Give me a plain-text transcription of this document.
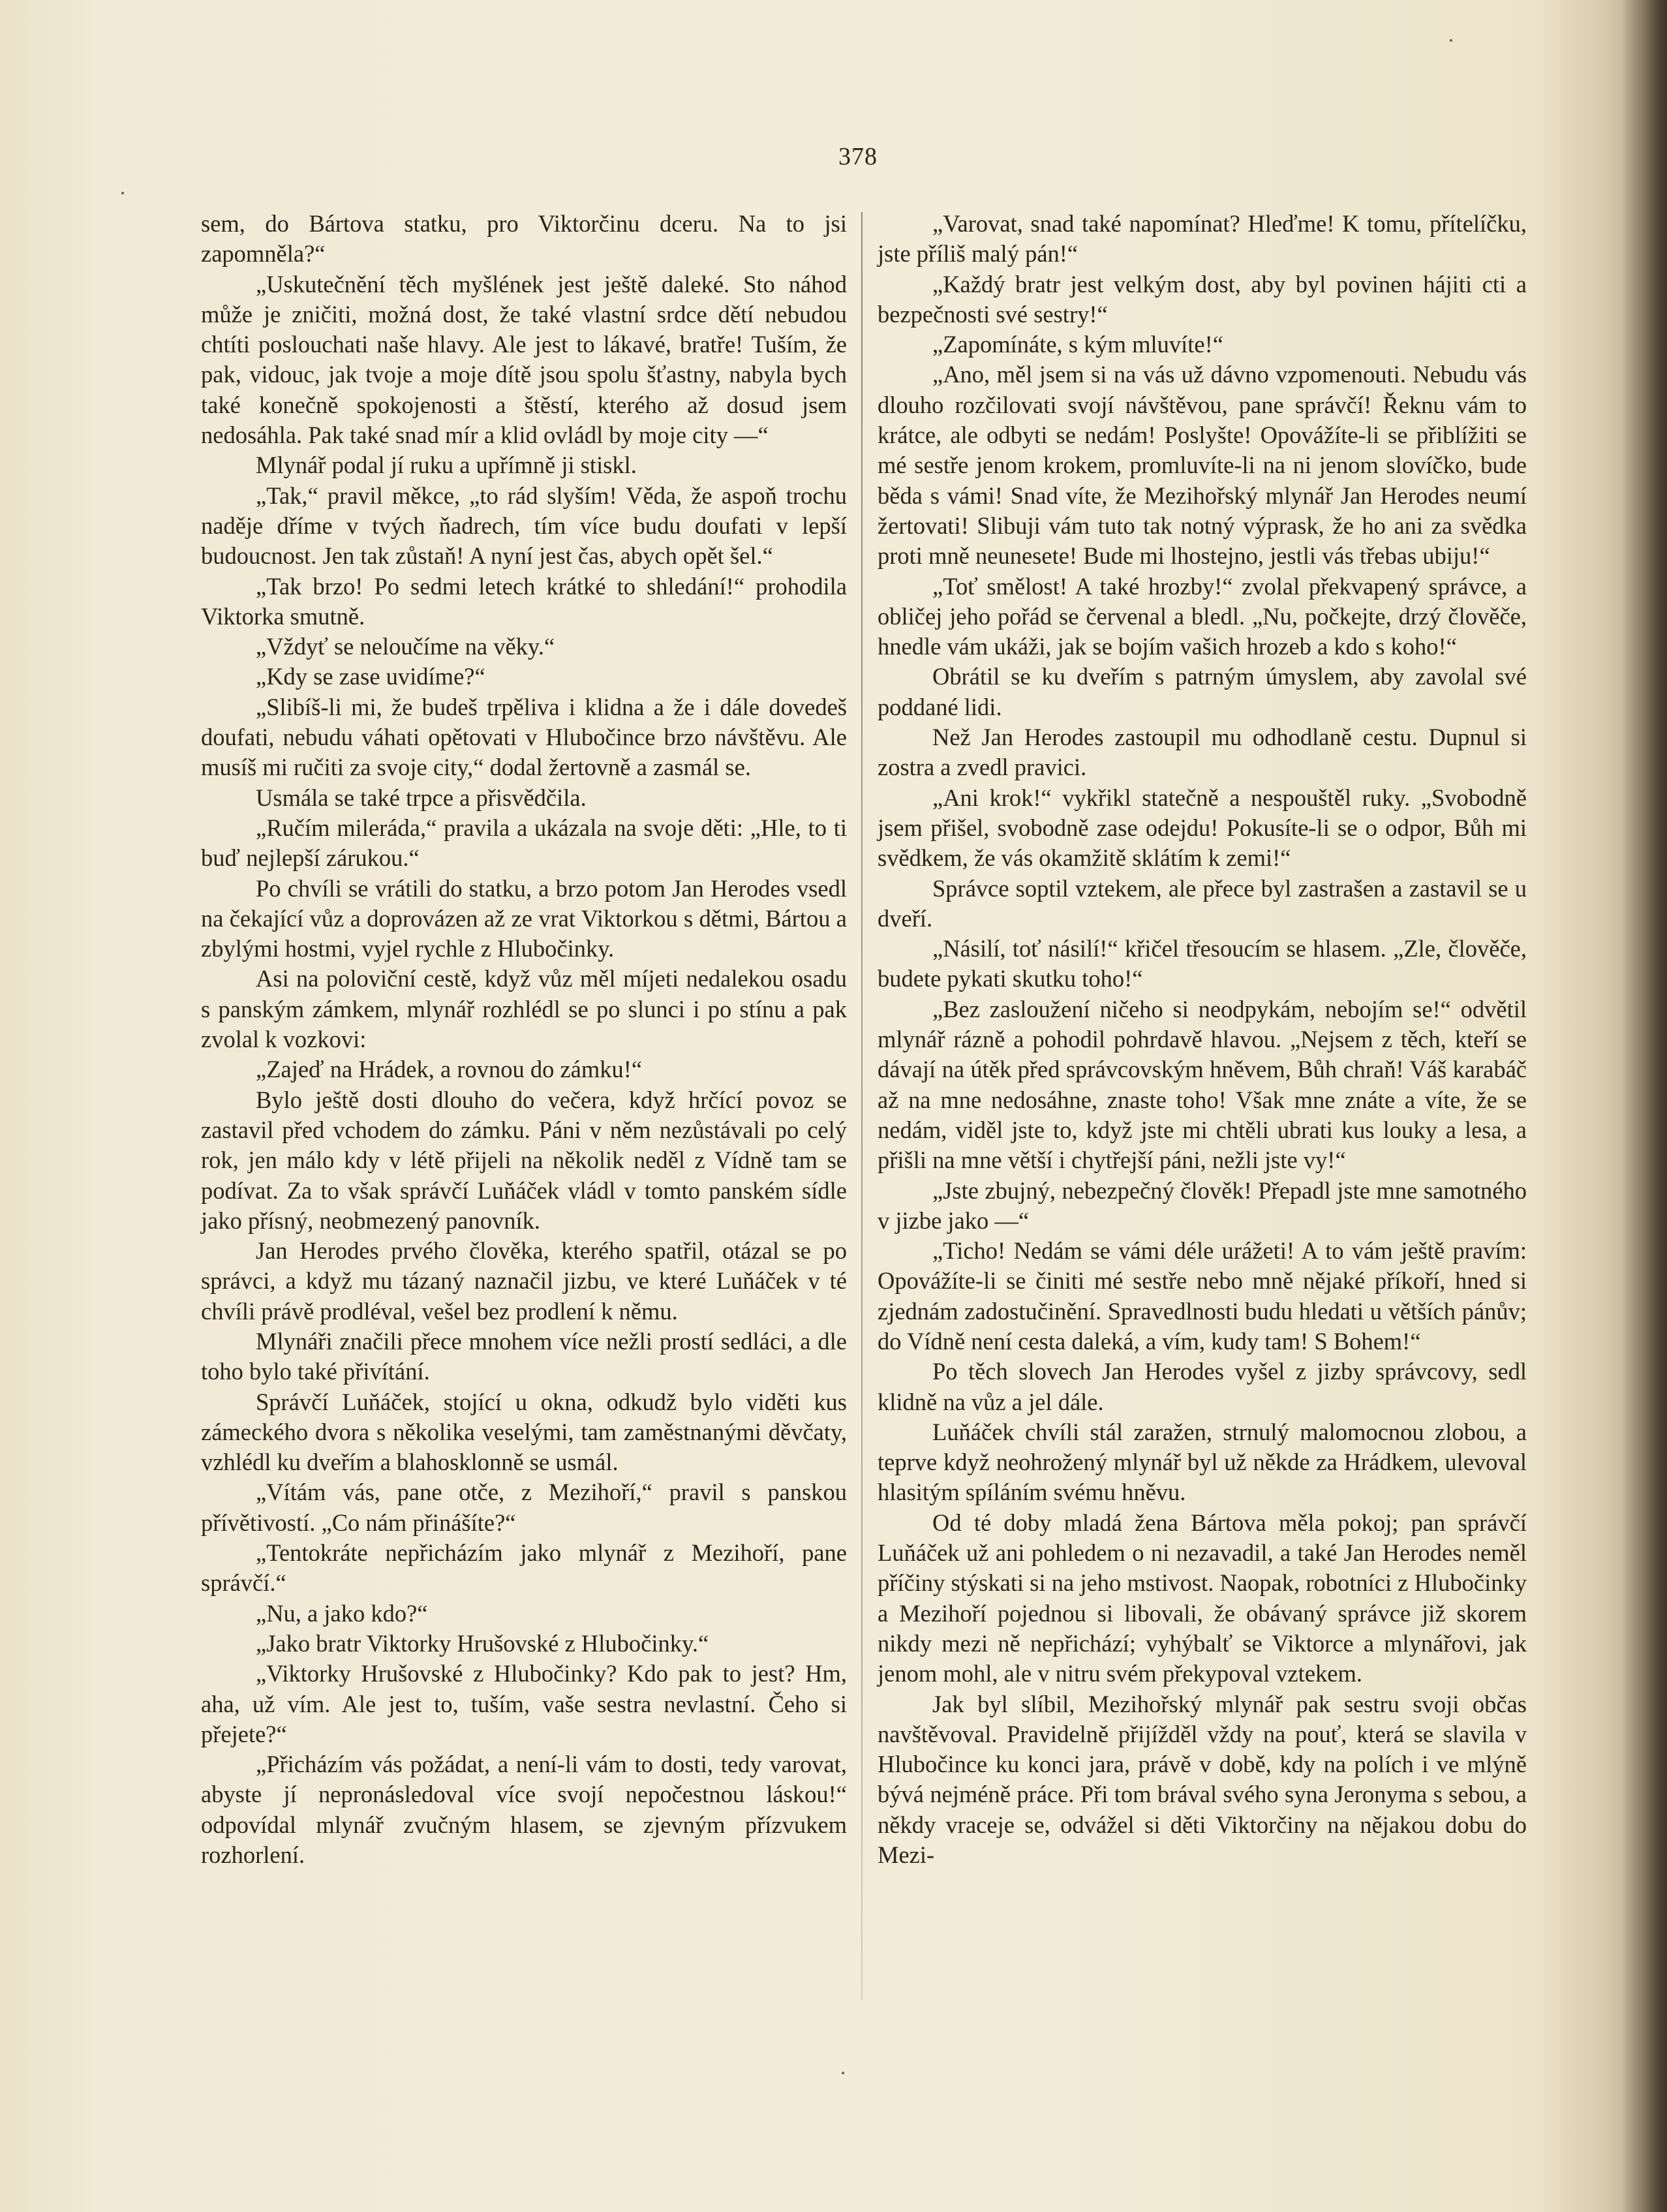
378

sem, do Bártova statku, pro Viktorčinu dceru. Na to jsi zapomněla?“

„Uskutečnění těch myšlének jest ještě daleké. Sto náhod může je zničiti, možná dost, že také vlastní srdce dětí nebudou chtíti poslouchati naše hlavy. Ale jest to lákavé, bratře! Tuším, že pak, vidouc, jak tvoje a moje dítě jsou spolu šťastny, nabyla bych také konečně spokojenosti a štěstí, kterého až dosud jsem nedosáhla. Pak také snad mír a klid ovládl by moje city —“

Mlynář podal jí ruku a upřímně ji stiskl.

„Tak,“ pravil měkce, „to rád slyším! Věda, že aspoň trochu naděje dříme v tvých ňadrech, tím více budu doufati v lepší budoucnost. Jen tak zůstaň! A nyní jest čas, abych opět šel.“

„Tak brzo! Po sedmi letech krátké to shledání!“ prohodila Viktorka smutně.

„Vždyť se neloučíme na věky.“

„Kdy se zase uvidíme?“

„Slibíš-li mi, že budeš trpěliva i klidna a že i dále dovedeš doufati, nebudu váhati opětovati v Hlubočince brzo návštěvu. Ale musíš mi ručiti za svoje city,“ dodal žertovně a zasmál se.

Usmála se také trpce a přisvědčila.

„Ručím mileráda,“ pravila a ukázala na svoje děti: „Hle, to ti buď nejlepší zárukou.“

Po chvíli se vrátili do statku, a brzo potom Jan Herodes vsedl na čekající vůz a doprovázen až ze vrat Viktorkou s dětmi, Bártou a zbylými hostmi, vyjel rychle z Hlubočinky.

Asi na poloviční cestě, když vůz měl míjeti nedalekou osadu s panským zámkem, mlynář rozhlédl se po slunci i po stínu a pak zvolal k vozkovi:

„Zajeď na Hrádek, a rovnou do zámku!“

Bylo ještě dosti dlouho do večera, když hrčící povoz se zastavil před vchodem do zámku. Páni v něm nezůstávali po celý rok, jen málo kdy v létě přijeli na několik neděl z Vídně tam se podívat. Za to však správčí Luňáček vládl v tomto panském sídle jako přísný, neobmezený panovník.

Jan Herodes prvého člověka, kterého spatřil, otázal se po správci, a když mu tázaný naznačil jizbu, ve které Luňáček v té chvíli právě prodléval, vešel bez prodlení k němu.

Mlynáři značili přece mnohem více nežli prostí sedláci, a dle toho bylo také přivítání.

Správčí Luňáček, stojící u okna, odkudž bylo viděti kus zámeckého dvora s několika veselými, tam zaměstnanými děvčaty, vzhlédl ku dveřím a blahosklonně se usmál.

„Vítám vás, pane otče, z Mezihoří,“ pravil s panskou přívětivostí. „Co nám přinášíte?“

„Tentokráte nepřicházím jako mlynář z Mezihoří, pane správčí.“

„Nu, a jako kdo?“

„Jako bratr Viktorky Hrušovské z Hlubočinky.“

„Viktorky Hrušovské z Hlubočinky? Kdo pak to jest? Hm, aha, už vím. Ale jest to, tuším, vaše sestra nevlastní. Čeho si přejete?“

„Přicházím vás požádat, a není-li vám to dosti, tedy varovat, abyste jí nepronásledoval více svojí nepočestnou láskou!“ odpovídal mlynář zvučným hlasem, se zjevným přízvukem rozhorlení.

„Varovat, snad také napomínat? Hleďme! K tomu, přítelíčku, jste příliš malý pán!“

„Každý bratr jest velkým dost, aby byl povinen hájiti cti a bezpečnosti své sestry!“

„Zapomínáte, s kým mluvíte!“

„Ano, měl jsem si na vás už dávno vzpomenouti. Nebudu vás dlouho rozčilovati svojí návštěvou, pane správčí! Řeknu vám to krátce, ale odbyti se nedám! Poslyšte! Opovážíte-li se přiblížiti se mé sestře jenom krokem, promluvíte-li na ni jenom slovíčko, bude běda s vámi! Snad víte, že Mezihořský mlynář Jan Herodes neumí žertovati! Slibuji vám tuto tak notný výprask, že ho ani za svědka proti mně neunesete! Bude mi lhostejno, jestli vás třebas ubiju!“

„Toť smělost! A také hrozby!“ zvolal překvapený správce, a obličej jeho pořád se červenal a bledl. „Nu, počkejte, drzý člověče, hnedle vám ukáži, jak se bojím vašich hrozeb a kdo s koho!“

Obrátil se ku dveřím s patrným úmyslem, aby zavolal své poddané lidi.

Než Jan Herodes zastoupil mu odhodlaně cestu. Dupnul si zostra a zvedl pravici.

„Ani krok!“ vykřikl statečně a nespouštěl ruky. „Svobodně jsem přišel, svobodně zase odejdu! Pokusíte-li se o odpor, Bůh mi svědkem, že vás okamžitě sklátím k zemi!“

Správce soptil vztekem, ale přece byl zastrašen a zastavil se u dveří.

„Násilí, toť násilí!“ křičel třesoucím se hlasem. „Zle, člověče, budete pykati skutku toho!“

„Bez zasloužení ničeho si neodpykám, nebojím se!“ odvětil mlynář rázně a pohodil pohrdavě hlavou. „Nejsem z těch, kteří se dávají na útěk před správcovským hněvem, Bůh chraň! Váš karabáč až na mne nedosáhne, znaste toho! Však mne znáte a víte, že se nedám, viděl jste to, když jste mi chtěli ubrati kus louky a lesa, a přišli na mne větší i chytřejší páni, nežli jste vy!“

„Jste zbujný, nebezpečný člověk! Přepadl jste mne samotného v jizbe jako —“

„Ticho! Nedám se vámi déle urážeti! A to vám ještě pravím: Opovážíte-li se činiti mé sestře nebo mně nějaké příkoří, hned si zjednám zadostučinění. Spravedlnosti budu hledati u větších pánův; do Vídně není cesta daleká, a vím, kudy tam! S Bohem!“

Po těch slovech Jan Herodes vyšel z jizby správcovy, sedl klidně na vůz a jel dále.

Luňáček chvíli stál zaražen, strnulý malomocnou zlobou, a teprve když neohrožený mlynář byl už někde za Hrádkem, ulevoval hlasitým spíláním svému hněvu.

Od té doby mladá žena Bártova měla pokoj; pan správčí Luňáček už ani pohledem o ni nezavadil, a také Jan Herodes neměl příčiny stýskati si na jeho mstivost. Naopak, robotníci z Hlubočinky a Mezihoří pojednou si libovali, že obávaný správce již skorem nikdy mezi ně nepřichází; vyhýbalť se Viktorce a mlynářovi, jak jenom mohl, ale v nitru svém překypoval vztekem.

Jak byl slíbil, Mezihořský mlynář pak sestru svoji občas navštěvoval. Pravidelně přijížděl vždy na pouť, která se slavila v Hlubočince ku konci jara, právě v době, kdy na polích i ve mlýně bývá nejméně práce. Při tom brával svého syna Jeronyma s sebou, a někdy vraceje se, odvážel si děti Viktorčiny na nějakou dobu do Mezi-
